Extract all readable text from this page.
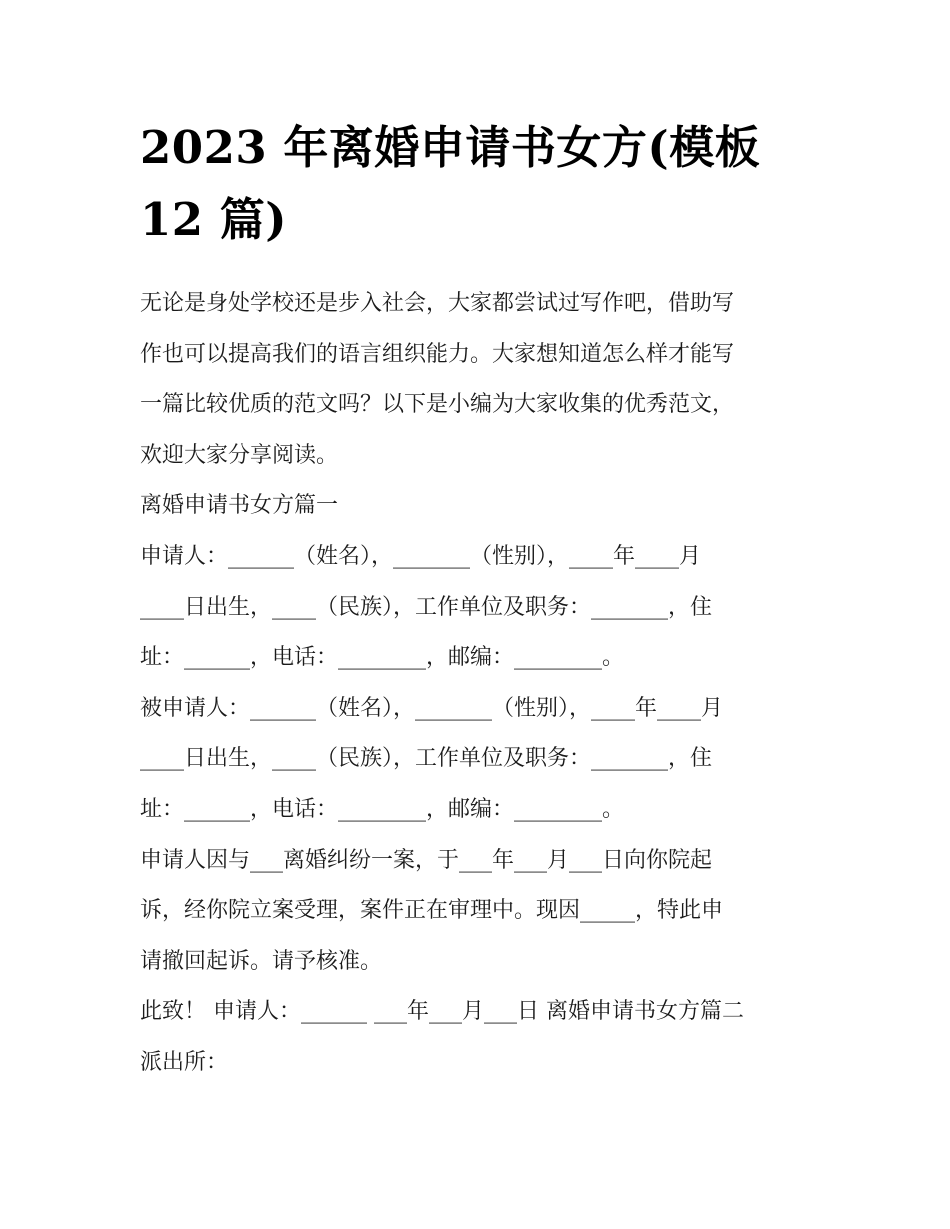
2023 年离婚申请书女方(模板
12 篇)
无论是身处学校还是步入社会，大家都尝试过写作吧，借助写
作也可以提高我们的语言组织能力。大家想知道怎么样才能写
一篇比较优质的范文吗？以下是小编为大家收集的优秀范文，
欢迎大家分享阅读。
离婚申请书女方篇一
申请人：______（姓名），_______（性别），____年____月
____日出生，____（民族），工作单位及职务：_______，住
址：______，电话：________，邮编：________。
被申请人：______（姓名），_______（性别），____年____月
____日出生，____（民族），工作单位及职务：_______，住
址：______，电话：________，邮编：________。
申请人因与___离婚纠纷一案，于___年___月___日向你院起
诉，经你院立案受理，案件正在审理中。现因_____，特此申
请撤回起诉。请予核准。
此致！ 申请人：______ ___年___月___日 离婚申请书女方篇二
派出所：
